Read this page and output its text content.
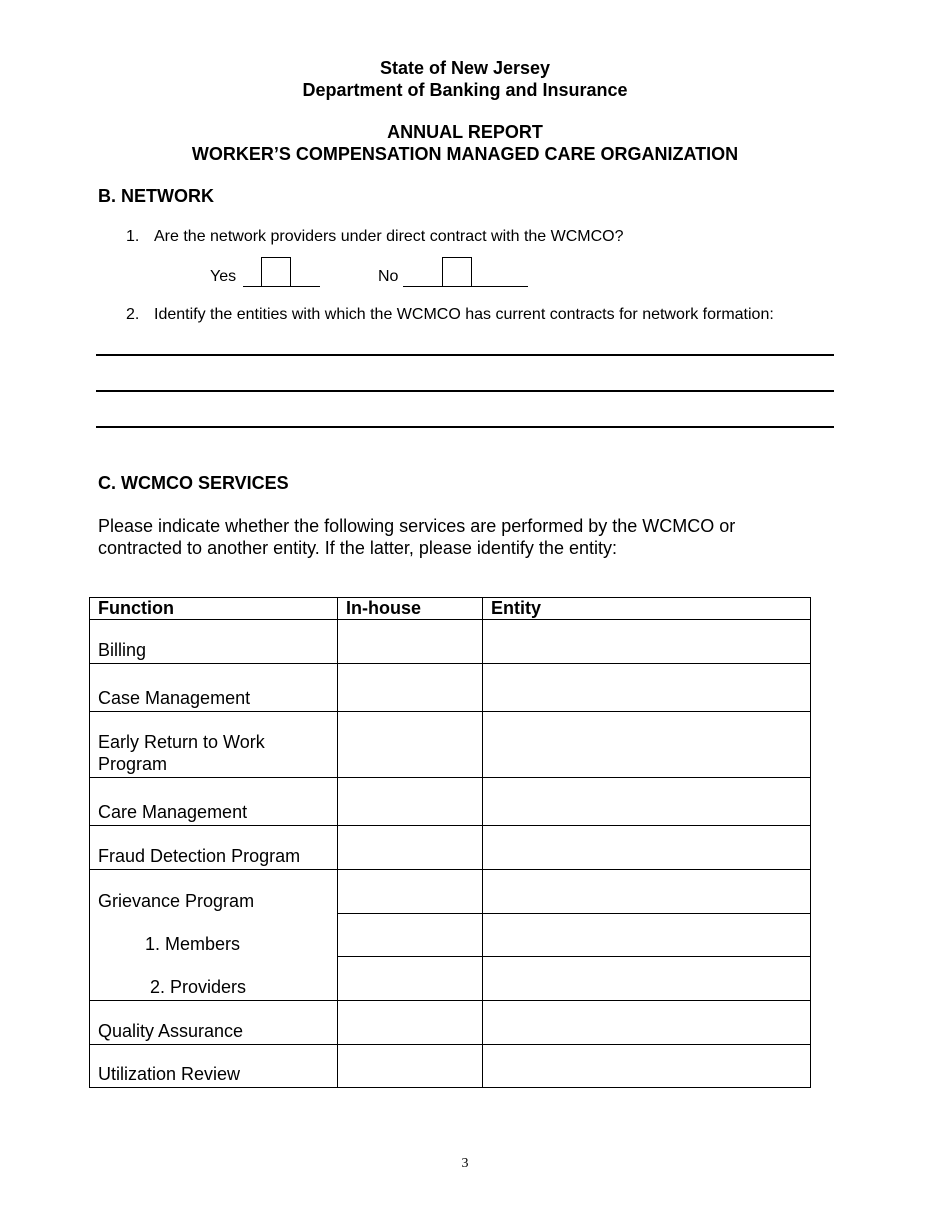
State of New Jersey
Department of Banking and Insurance
ANNUAL REPORT
WORKER’S COMPENSATION MANAGED CARE ORGANIZATION
B. NETWORK
1. Are the network providers under direct contract with the WCMCO?
Yes	No
2. Identify the entities with which the WCMCO has current contracts for network formation:
C. WCMCO SERVICES
Please indicate whether the following services are performed by the WCMCO or
contracted to another entity. If the latter, please identify the entity:
Function	In-house	Entity
Billing		
Case Management		

Early Return to Work
Program		

Care Management		
Fraud Detection Program		
Grievance Program		
1. Members		
2. Providers		
Quality Assurance		
Utilization Review		
3
